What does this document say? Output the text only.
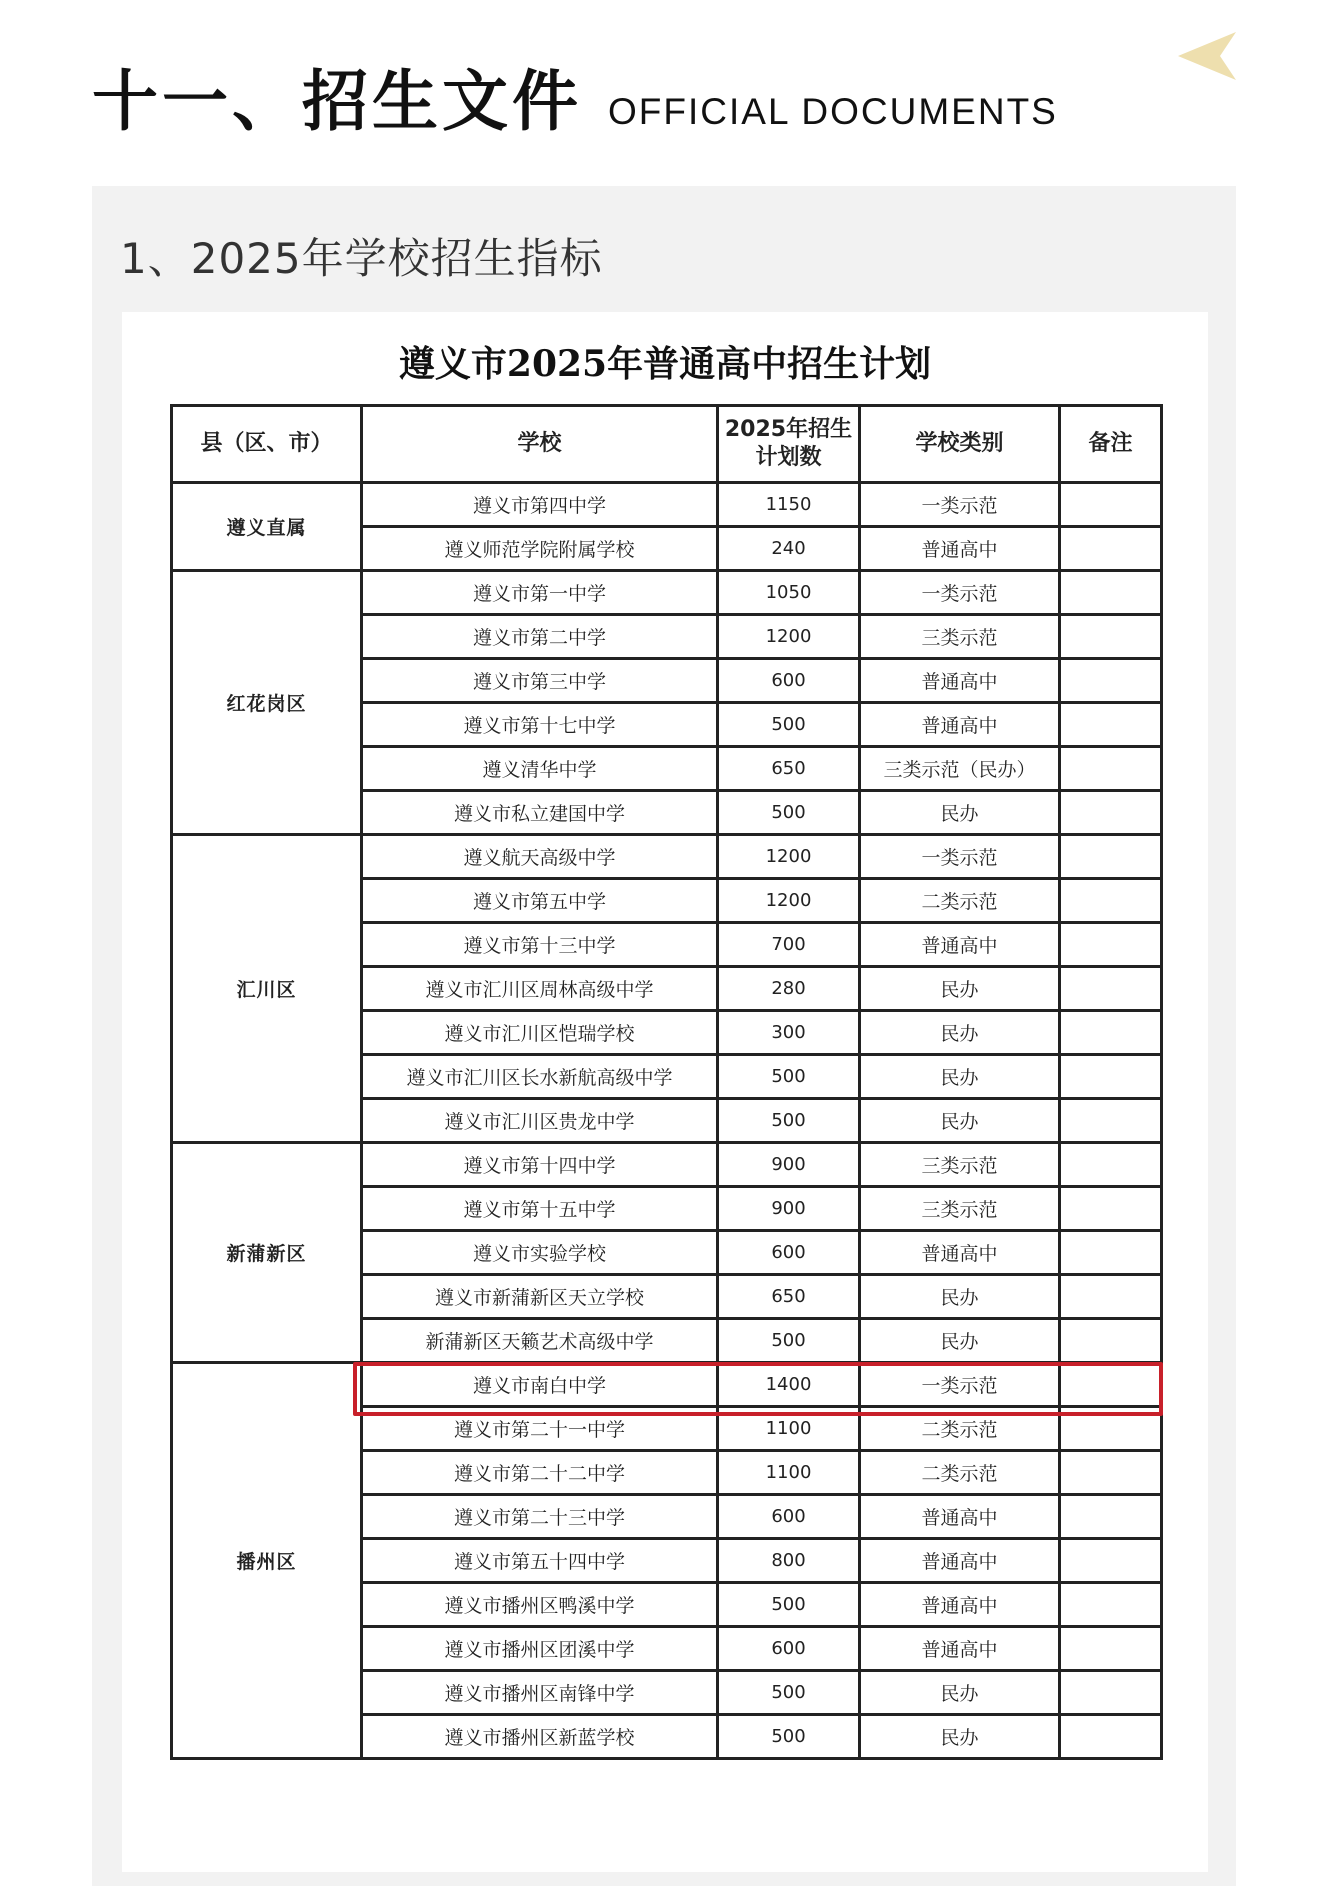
十一、招生文件 OFFICIAL DOCUMENTS
1、2025年学校招生指标
遵义市2025年普通高中招生计划
县（区、市）	学校	2025年招生计划数	学校类别	备注
遵义直属	遵义市第四中学	1150	一类示范	
	遵义师范学院附属学校	240	普通高中	
红花岗区	遵义市第一中学	1050	一类示范	
	遵义市第二中学	1200	三类示范	
	遵义市第三中学	600	普通高中	
	遵义市第十七中学	500	普通高中	
	遵义清华中学	650	三类示范（民办）	
	遵义市私立建国中学	500	民办	
汇川区	遵义航天高级中学	1200	一类示范	
	遵义市第五中学	1200	二类示范	
	遵义市第十三中学	700	普通高中	
	遵义市汇川区周林高级中学	280	民办	
	遵义市汇川区恺瑞学校	300	民办	
	遵义市汇川区长水新航高级中学	500	民办	
	遵义市汇川区贵龙中学	500	民办	
新蒲新区	遵义市第十四中学	900	三类示范	
	遵义市第十五中学	900	三类示范	
	遵义市实验学校	600	普通高中	
	遵义市新蒲新区天立学校	650	民办	
	新蒲新区天籁艺术高级中学	500	民办	
播州区	遵义市南白中学	1400	一类示范	
	遵义市第二十一中学	1100	二类示范	
	遵义市第二十二中学	1100	二类示范	
	遵义市第二十三中学	600	普通高中	
	遵义市第五十四中学	800	普通高中	
	遵义市播州区鸭溪中学	500	普通高中	
	遵义市播州区团溪中学	600	普通高中	
	遵义市播州区南锋中学	500	民办	
	遵义市播州区新蓝学校	500	民办	
